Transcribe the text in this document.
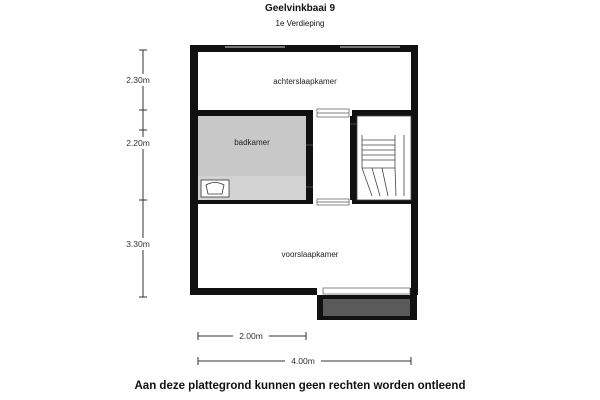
Geelvinkbaai 9
1e Verdieping
2.30m
2.20m
3.30m
achterslaapkamer
badkamer
voorslaapkamer
2.00m
4.00m
Aan deze plattegrond kunnen geen rechten worden ontleend
